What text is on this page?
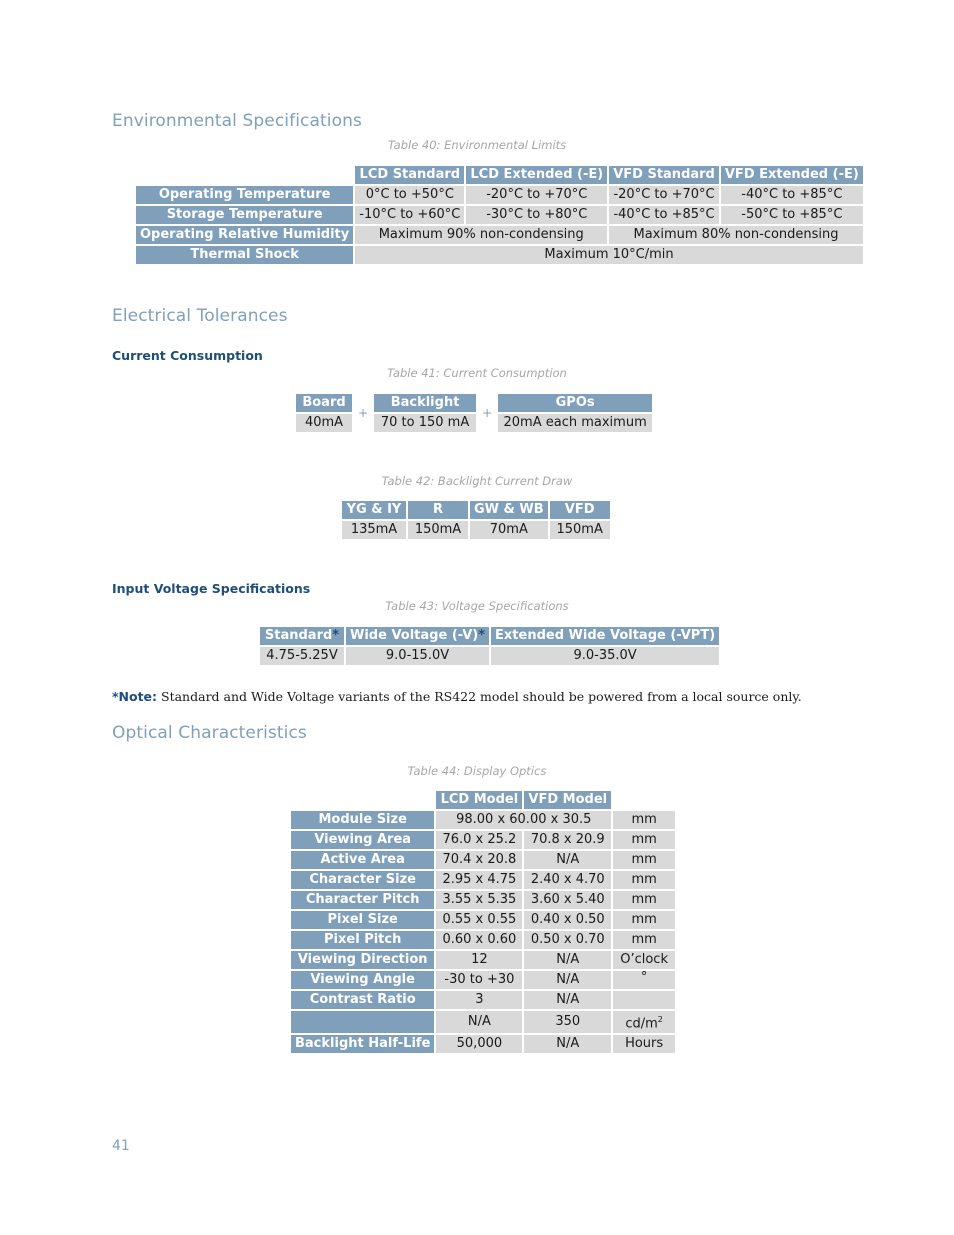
Environmental Specifications
Table 40: Environmental Limits
	LCD Standard	LCD Extended (-E)	VFD Standard	VFD Extended (-E)
Operating Temperature	0°C to +50°C	-20°C to +70°C	-20°C to +70°C	-40°C to +85°C
Storage Temperature	-10°C to +60°C	-30°C to +80°C	-40°C to +85°C	-50°C to +85°C
Operating Relative Humidity	Maximum 90% non-condensing		Maximum 80% non-condensing	
Thermal Shock	Maximum 10°C/min			
Electrical Tolerances
Current Consumption
Table 41: Current Consumption
Board	+	Backlight	+	GPOs
40mA		70 to 150 mA		20mA each maximum
Table 42: Backlight Current Draw
YG & IY	R	GW & WB	VFD
135mA	150mA	70mA	150mA
Input Voltage Specifications
Table 43: Voltage Specifications
Standard*	Wide Voltage (-V)*	Extended Wide Voltage (-VPT)
4.75-5.25V	9.0-15.0V	9.0-35.0V
*Note: Standard and Wide Voltage variants of the RS422 model should be powered from a local source only.
Optical Characteristics
Table 44: Display Optics
	LCD Model	VFD Model	
Module Size	98.00 x 60.00 x 30.5		mm
Viewing Area	76.0 x 25.2	70.8 x 20.9	mm
Active Area	70.4 x 20.8	N/A	mm
Character Size	2.95 x 4.75	2.40 x 4.70	mm
Character Pitch	3.55 x 5.35	3.60 x 5.40	mm
Pixel Size	0.55 x 0.55	0.40 x 0.50	mm
Pixel Pitch	0.60 x 0.60	0.50 x 0.70	mm
Viewing Direction	12	N/A	O’clock
Viewing Angle	-30 to +30	N/A	°
Contrast Ratio	3	N/A	
	N/A	350	$cd/m^2$
Backlight Half-Life	50,000	N/A	Hours
41
